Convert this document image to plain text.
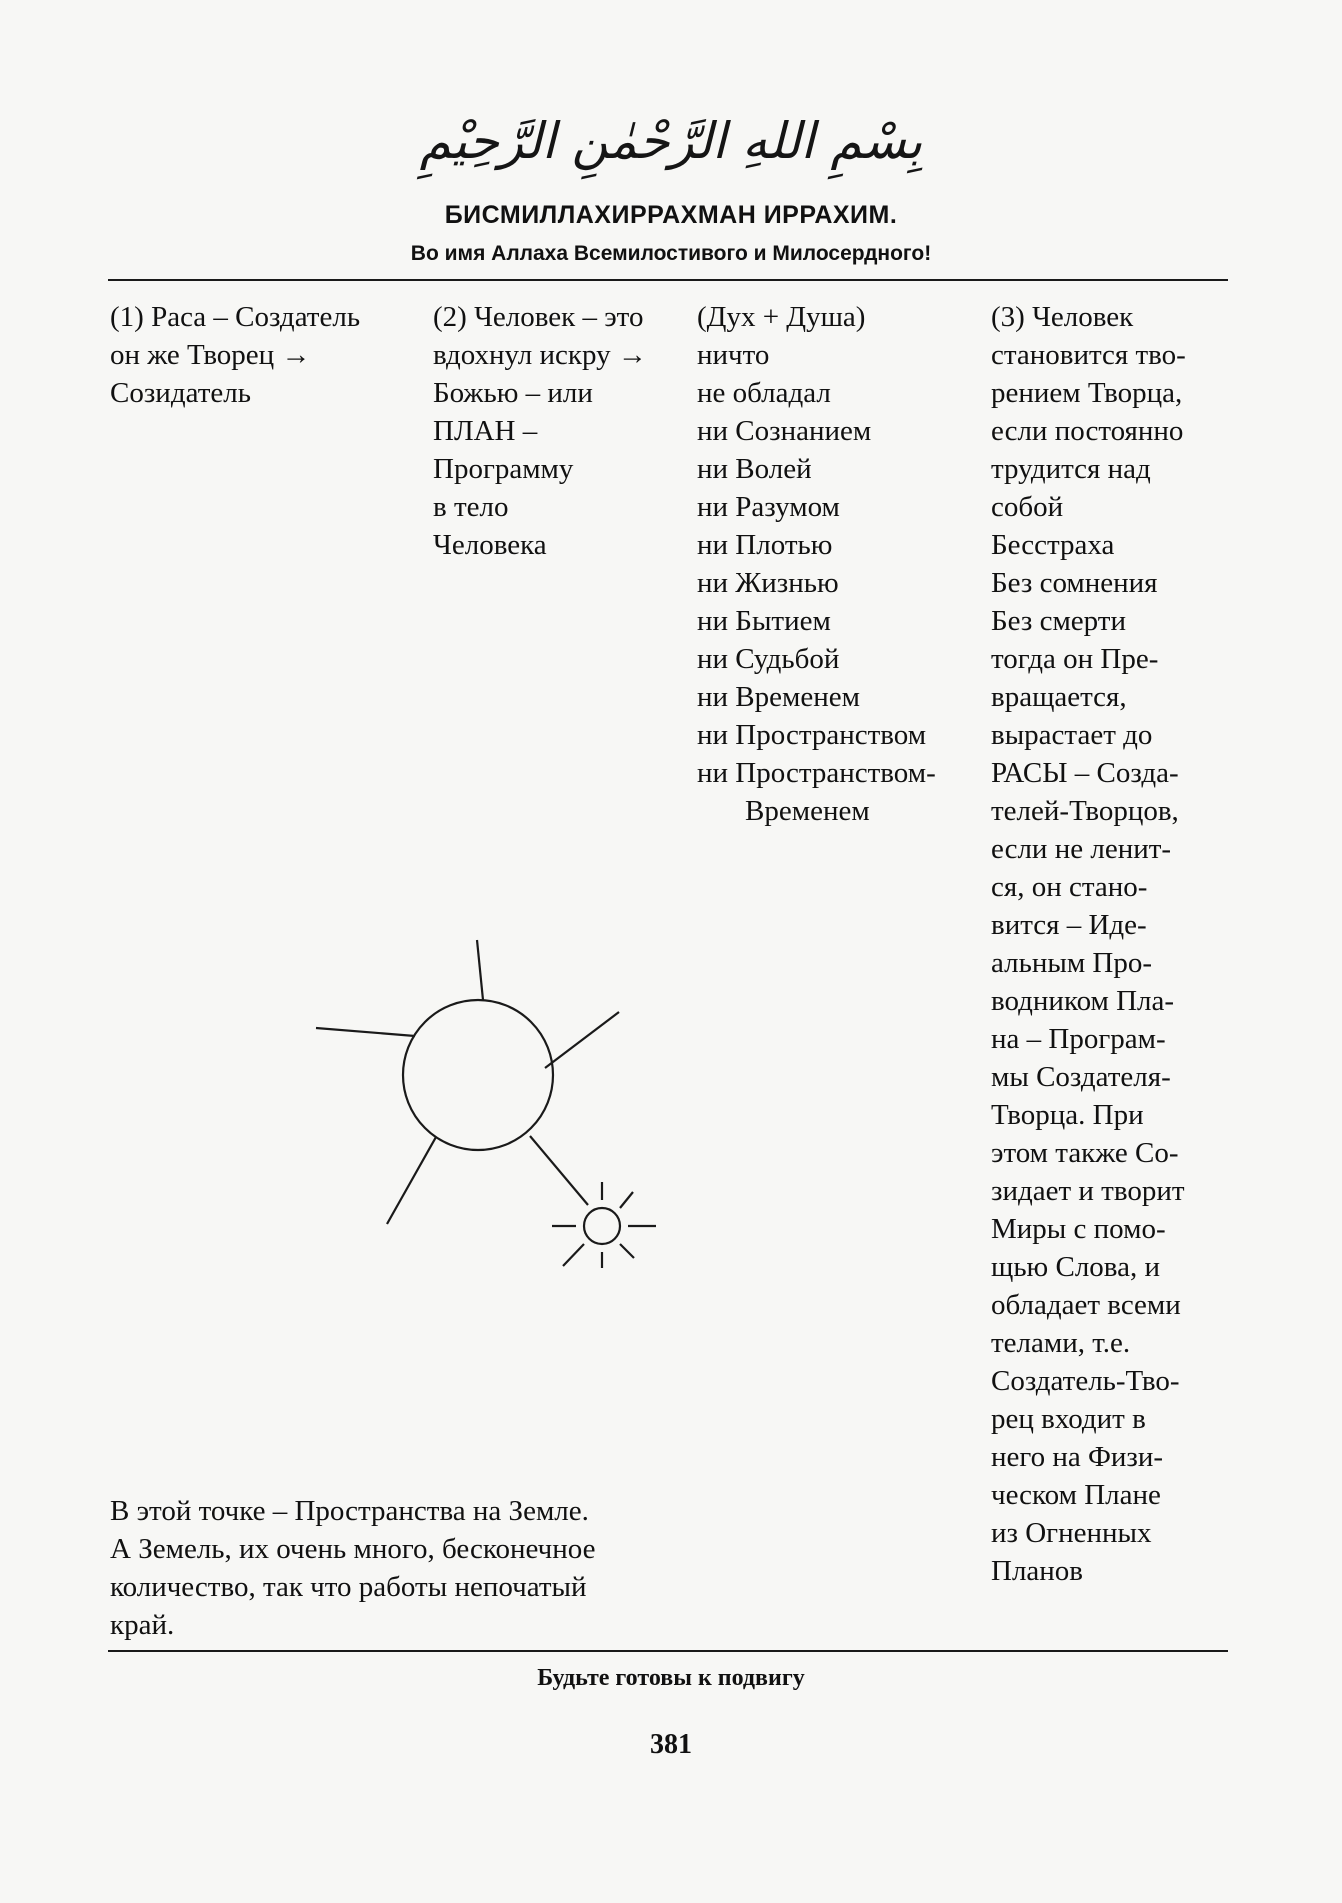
بِسْمِ اللهِ الرَّحْمٰنِ الرَّحِيْمِ
БИСМИЛЛАХИРРАХМАН ИРРАХИМ.
Во имя Аллаха Всемилостивого и Милосердного!
(1) Раса – Создатель
он же Творец →
Созидатель
(2) Человек – это
вдохнул искру →
Божью – или
ПЛАН –
Программу
в тело
Человека
(Дух + Душа)
ничто
не обладал
ни Сознанием
ни Волей
ни Разумом
ни Плотью
ни Жизнью
ни Бытием
ни Судьбой
ни Временем
ни Пространством
ни Пространством-
Временем
(3) Человек
становится тво-
рением Творца,
если постоянно
трудится над
собой
Бесстраха
Без сомнения
Без смерти
тогда он Пре-
вращается,
вырастает до
РАСЫ – Созда-
телей-Творцов,
если не ленит-
ся, он стано-
вится – Иде-
альным Про-
водником Пла-
на – Програм-
мы Создателя-
Творца. При
этом также Со-
зидает и творит
Миры с помо-
щью Слова, и
обладает всеми
телами, т.е.
Создатель-Тво-
рец входит в
него на Физи-
ческом Плане
из Огненных
Планов
В этой точке – Пространства на Земле.
А Земель, их очень много, бесконечное
количество, так что работы непочатый
край.
Будьте готовы к подвигу
381
